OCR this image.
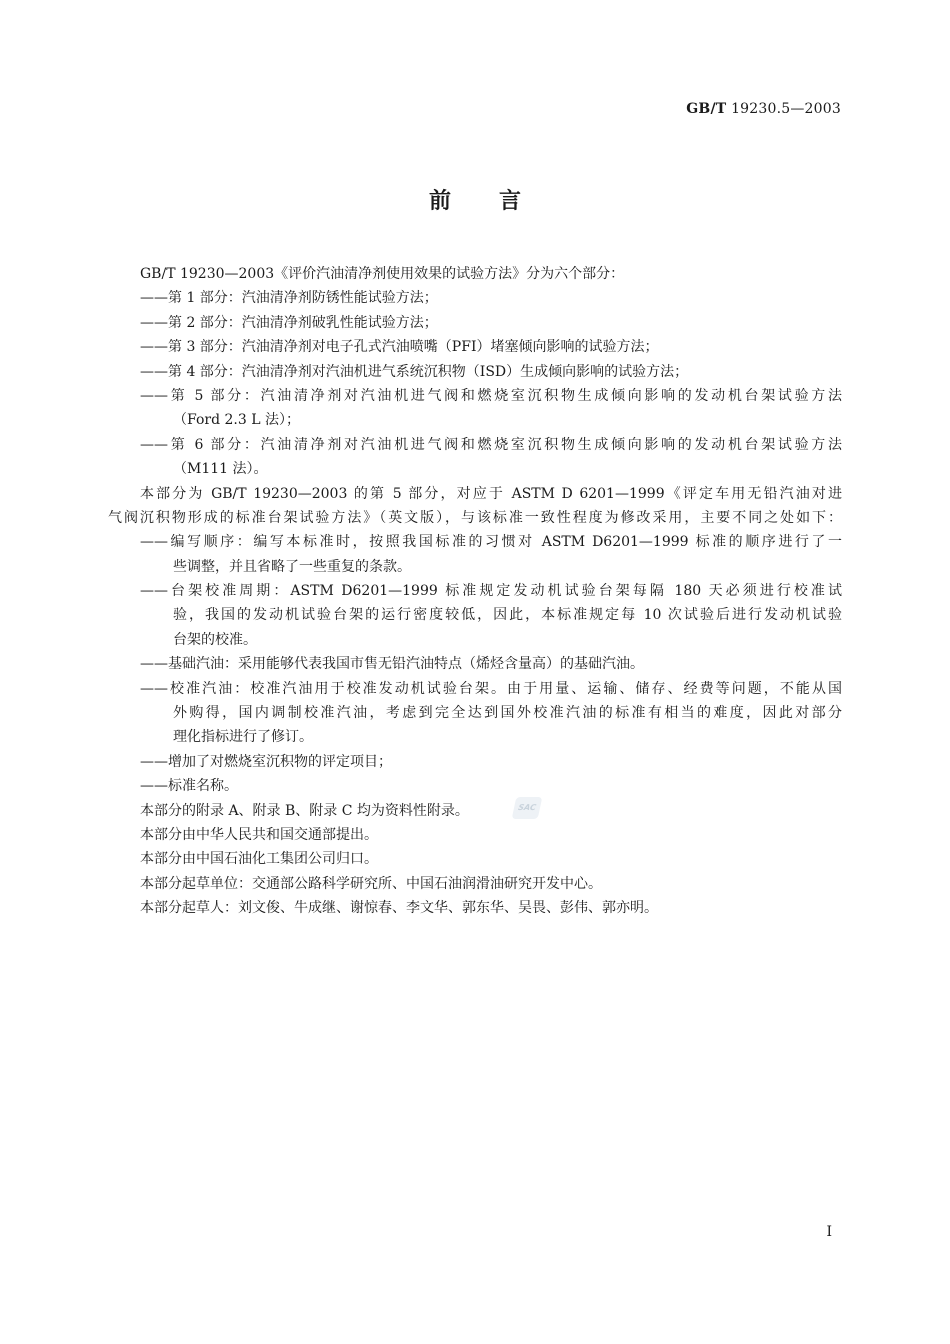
GB/T 19230.5—2003
前言
GB/T 19230—2003《评价汽油清净剂使用效果的试验方法》分为六个部分：
——第 1 部分：汽油清净剂防锈性能试验方法；
——第 2 部分：汽油清净剂破乳性能试验方法；
——第 3 部分：汽油清净剂对电子孔式汽油喷嘴（PFI）堵塞倾向影响的试验方法；
——第 4 部分：汽油清净剂对汽油机进气系统沉积物（ISD）生成倾向影响的试验方法；
——第 5 部分：汽油清净剂对汽油机进气阀和燃烧室沉积物生成倾向影响的发动机台架试验方法
（Ford 2.3 L 法）；
——第 6 部分：汽油清净剂对汽油机进气阀和燃烧室沉积物生成倾向影响的发动机台架试验方法
（M111 法）。
本部分为 GB/T 19230—2003 的第 5 部分，对应于 ASTM D 6201—1999《评定车用无铅汽油对进
气阀沉积物形成的标准台架试验方法》（英文版），与该标准一致性程度为修改采用，主要不同之处如下：
——编写顺序：编写本标准时，按照我国标准的习惯对 ASTM D6201—1999 标准的顺序进行了一
些调整，并且省略了一些重复的条款。
——台架校准周期：ASTM D6201—1999 标准规定发动机试验台架每隔 180 天必须进行校准试
验，我国的发动机试验台架的运行密度较低，因此，本标准规定每 10 次试验后进行发动机试验
台架的校准。
——基础汽油：采用能够代表我国市售无铅汽油特点（烯烃含量高）的基础汽油。
——校准汽油：校准汽油用于校准发动机试验台架。由于用量、运输、储存、经费等问题，不能从国
外购得，国内调制校准汽油，考虑到完全达到国外校准汽油的标准有相当的难度，因此对部分
理化指标进行了修订。
——增加了对燃烧室沉积物的评定项目；
——标准名称。
本部分的附录 A、附录 B、附录 C 均为资料性附录。
本部分由中华人民共和国交通部提出。
本部分由中国石油化工集团公司归口。
本部分起草单位：交通部公路科学研究所、中国石油润滑油研究开发中心。
本部分起草人：刘文俊、牛成继、谢惊春、李文华、郭东华、吴畏、彭伟、郭亦明。
SAC
I
